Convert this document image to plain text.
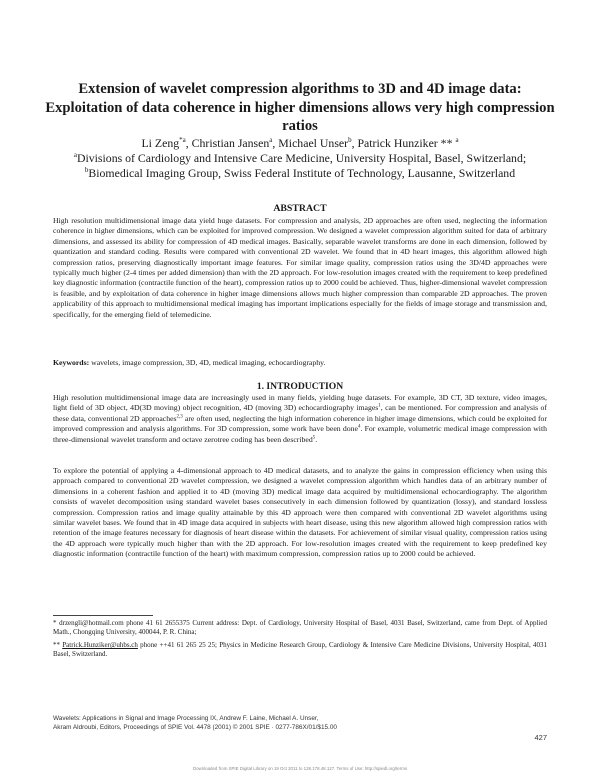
Extension of wavelet compression algorithms to 3D and 4D image data: Exploitation of data coherence in higher dimensions allows very high compression ratios
Li Zeng$^{*a}$, Christian Jansen$^a$, Michael Unser$^b$, Patrick Hunziker ** $^a$
$^a$Divisions of Cardiology and Intensive Care Medicine, University Hospital, Basel, Switzerland;
$^b$Biomedical Imaging Group, Swiss Federal Institute of Technology, Lausanne, Switzerland
ABSTRACT
High resolution multidimensional image data yield huge datasets. For compression and analysis, 2D approaches are often used, neglecting the information coherence in higher dimensions, which can be exploited for improved compression. We designed a wavelet compression algorithm suited for data of arbitrary dimensions, and assessed its ability for compression of 4D medical images. Basically, separable wavelet transforms are done in each dimension, followed by quantization and standard coding. Results were compared with conventional 2D wavelet. We found that in 4D heart images, this algorithm allowed high compression ratios, preserving diagnostically important image features. For similar image quality, compression ratios using the 3D/4D approaches were typically much higher (2-4 times per added dimension) than with the 2D approach. For low-resolution images created with the requirement to keep predefined key diagnostic information (contractile function of the heart), compression ratios up to 2000 could be achieved. Thus, higher-dimensional wavelet compression is feasible, and by exploitation of data coherence in higher image dimensions allows much higher compression than comparable 2D approaches. The proven applicability of this approach to multidimensional medical imaging has important implications especially for the fields of image storage and transmission and, specifically, for the emerging field of telemedicine.
Keywords: wavelets, image compression, 3D, 4D, medical imaging, echocardiography.
1. INTRODUCTION
High resolution multidimensional image data are increasingly used in many fields, yielding huge datasets. For example, 3D CT, 3D texture, video images, light field of 3D object, 4D(3D moving) object recognition, 4D (moving 3D) echocardiography images$^1$, can be mentioned. For compression and analysis of these data, conventional 2D approaches$^{2,3}$ are often used, neglecting the high information coherence in higher image dimensions, which could be exploited for improved compression and analysis algorithms. For 3D compression, some work have been done$^4$. For example, volumetric medical image compression with three-dimensional wavelet transform and octave zerotree coding has been described$^5$.
To explore the potential of applying a 4-dimensional approach to 4D medical datasets, and to analyze the gains in compression efficiency when using this approach compared to conventional 2D wavelet compression, we designed a wavelet compression algorithm which handles data of an arbitrary number of dimensions in a coherent fashion and applied it to 4D (moving 3D) medical image data acquired by multidimensional echocardiography. The algorithm consists of wavelet decomposition using standard wavelet bases consecutively in each dimension followed by quantization (lossy), and standard lossless compression. Compression ratios and image quality attainable by this 4D approach were then compared with conventional 2D wavelet algorithms using similar wavelet bases. We found that in 4D image data acquired in subjects with heart disease, using this new algorithm allowed high compression ratios with retention of the image features necessary for diagnosis of heart disease within the datasets. For achievement of similar visual quality, compression ratios using the 4D approach were typically much higher than with the 2D approach. For low-resolution images created with the requirement to keep predefined key diagnostic information (contractile function of the heart) with maximum compression, compression ratios up to 2000 could be achieved.
* drzengli@hotmail.com phone 41 61 2655375 Current address: Dept. of Cardiology, University Hospital of Basel, 4031 Basel, Switzerland, came from Dept. of Applied Math., Chongqing University, 400044, P. R. China;
** Patrick.Hunziker@uhbs.ch phone ++41 61 265 25 25; Physics in Medicine Research Group, Cardiology & Intensive Care Medicine Divisions, University Hospital, 4031 Basel, Switzerland.
Wavelets: Applications in Signal and Image Processing IX, Andrew F. Laine, Michael A. Unser,
Akram Aldroubi, Editors, Proceedings of SPIE Vol. 4478 (2001) © 2001 SPIE · 0277-786X/01/$15.00
427
Downloaded from SPIE Digital Library on 19 Oct 2011 to 128.178.48.127. Terms of Use: http://spiedl.org/terms
